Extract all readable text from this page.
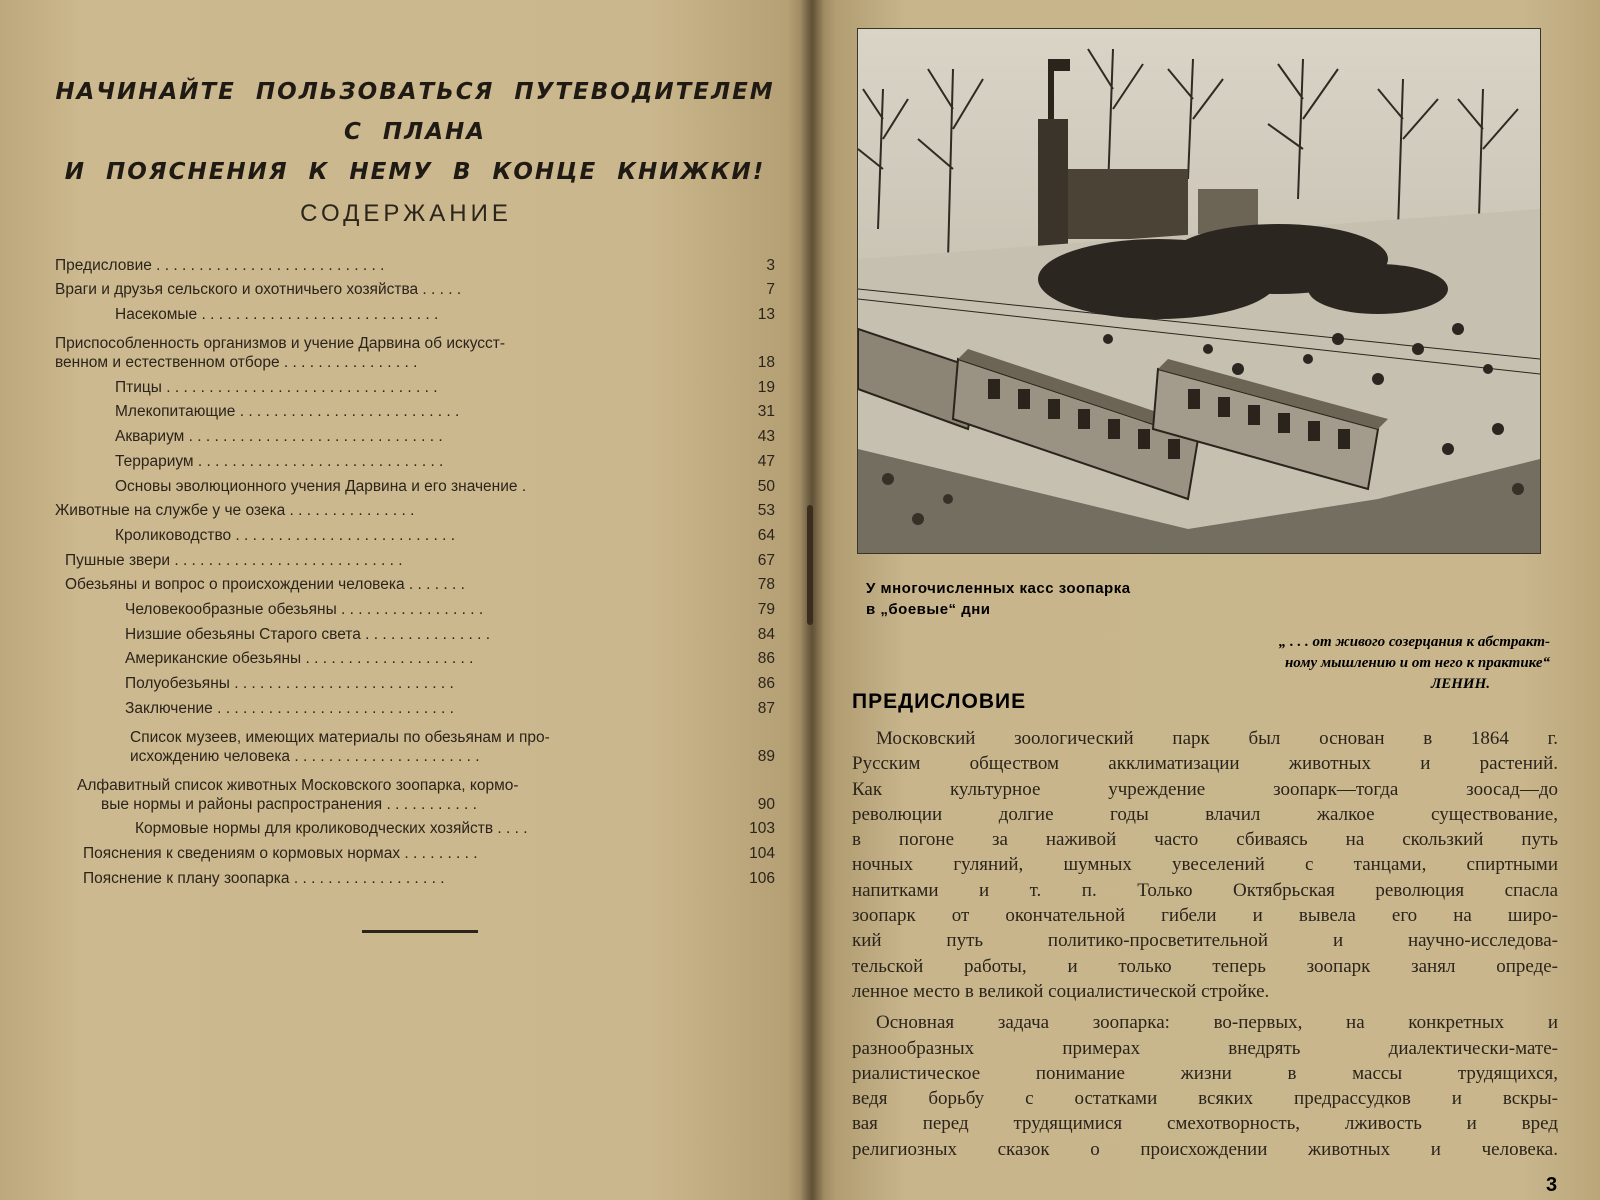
НАЧИНАЙТЕ ПОЛЬЗОВАТЬСЯ ПУТЕВОДИТЕЛЕМ С ПЛАНА
И ПОЯСНЕНИЯ К НЕМУ В КОНЦЕ КНИЖКИ!
СОДЕРЖАНИЕ
Предисловие . . . . . . . . . . . . . . . . . . . . . . . . . . .	3
Враги и друзья сельского и охотничьего хозяйства . . . . .	7
Насекомые . . . . . . . . . . . . . . . . . . . . . . . . . . . .	13
Приспособленность организмов и учение Дарвина об искусст-
венном и естественном отборе . . . . . . . . . . . . . . . .	18
Птицы . . . . . . . . . . . . . . . . . . . . . . . . . . . . . . . .	19
Млекопитающие . . . . . . . . . . . . . . . . . . . . . . . . . .	31
Аквариум . . . . . . . . . . . . . . . . . . . . . . . . . . . . . .	43
Террариум . . . . . . . . . . . . . . . . . . . . . . . . . . . . .	47
Основы эволюционного учения Дарвина и его значение .	50
Животные на службе у че озека . . . . . . . . . . . . . . .	53
Кролиководство . . . . . . . . . . . . . . . . . . . . . . . . . .	64
Пушные звери . . . . . . . . . . . . . . . . . . . . . . . . . . .	67
Обезьяны и вопрос о происхождении человека . . . . . . .	78
Человекообразные обезьяны . . . . . . . . . . . . . . . . .	79
Низшие обезьяны Старого света . . . . . . . . . . . . . . .	84
Американские обезьяны . . . . . . . . . . . . . . . . . . . .	86
Полуобезьяны . . . . . . . . . . . . . . . . . . . . . . . . . .	86
Заключение . . . . . . . . . . . . . . . . . . . . . . . . . . . .	87
Список музеев, имеющих материалы по обезьянам и про-
исхождению человека . . . . . . . . . . . . . . . . . . . . . .	89
Алфавитный список животных Московского зоопарка, кормо-
вые нормы и районы распространения . . . . . . . . . . .	90
Кормовые нормы для кролиководческих хозяйств . . . .	103
Пояснения к сведениям о кормовых нормах . . . . . . . . .	104
Пояснение к плану зоопарка . . . . . . . . . . . . . . . . . .	106
У многочисленных касс зоопарка
в „боевые“ дни
„ . . . от живого созерцания к абстракт-
ному мышлению и от него к практике“
ЛЕНИН.
ПРЕДИСЛОВИЕ

Московский зоологический парк был основан в 1864 г.

Русским обществом акклиматизации животных и растений.

Как культурное учреждение зоопарк—тогда зоосад—до

революции долгие годы влачил жалкое существование,

в погоне за наживой часто сбиваясь на скользкий путь

ночных гуляний, шумных увеселений с танцами, спиртными

напитками и т. п. Только Октябрьская революция спасла

зоопарк от окончательной гибели и вывела его на широ-

кий путь политико-просветительной и научно-исследова-

тельской работы, и только теперь зоопарк занял опреде-

ленное место в великой социалистической стройке.

Основная задача зоопарка: во-первых, на конкретных и

разнообразных примерах внедрять диалектически-мате-

риалистическое понимание жизни в массы трудящихся,

ведя борьбу с остатками всяких предрассудков и вскры-

вая перед трудящимися смехотворность, лживость и вред

религиозных сказок о происхождении животных и человека.

3
